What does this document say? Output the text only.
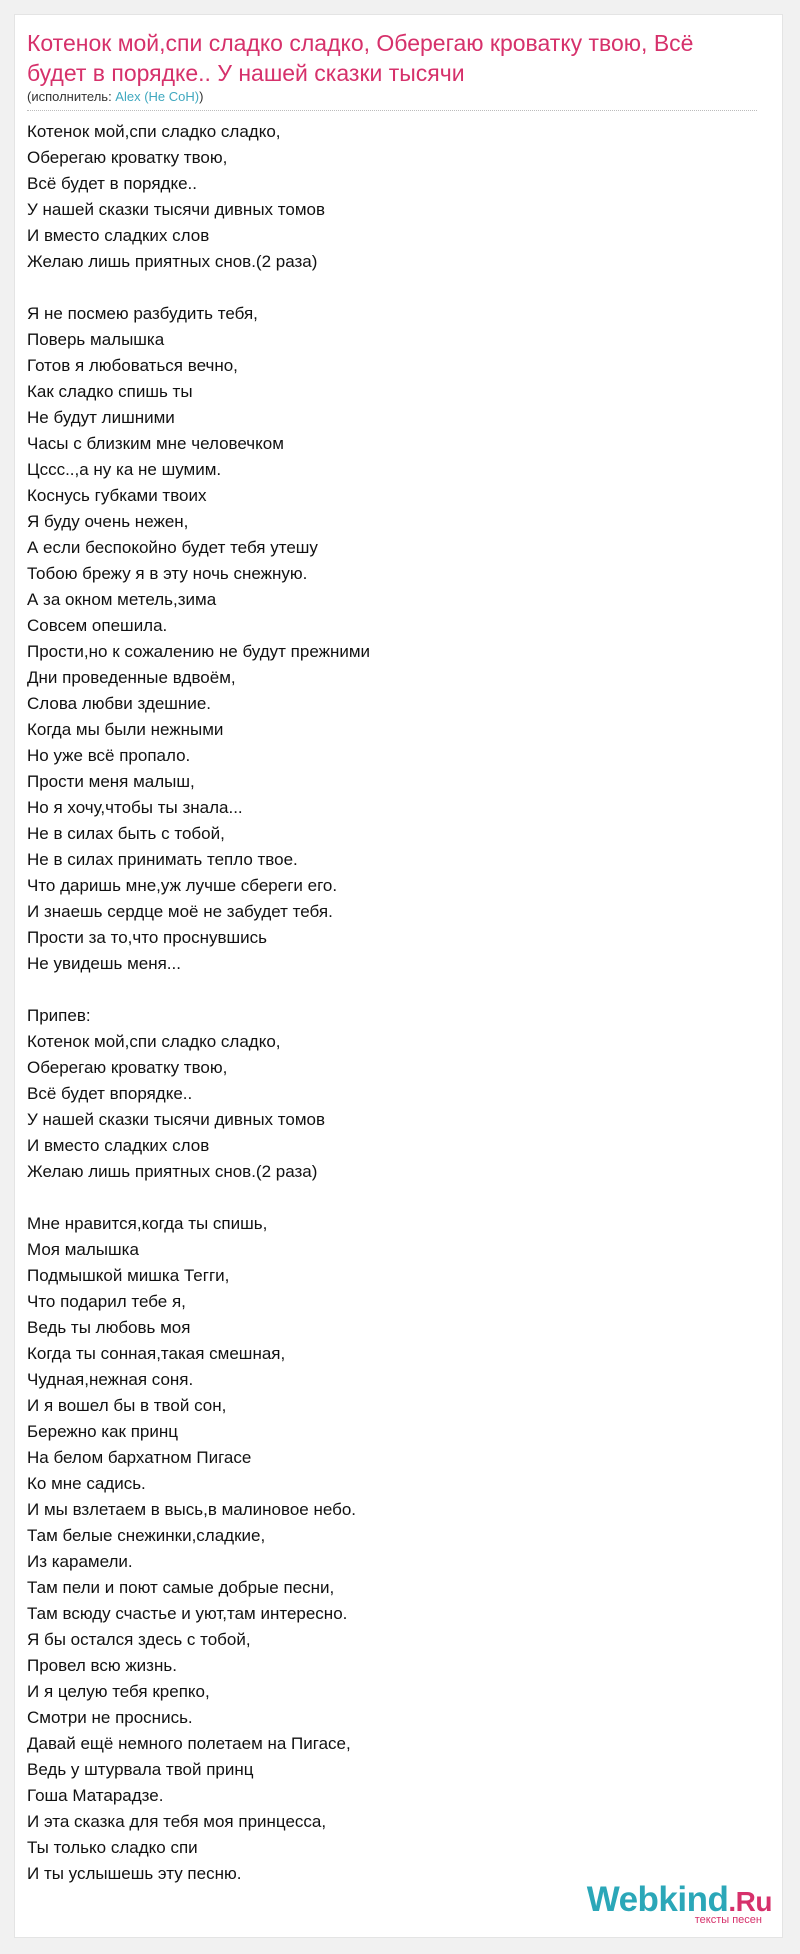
Котенок мой,спи сладко сладко, Оберегаю кроватку твою, Всё будет в порядке.. У нашей сказки тысячи
(исполнитель: Alex (Не СоН))
Котенок мой,спи сладко сладко,
Оберегаю кроватку твою,
Всё будет в порядке..
У нашей сказки тысячи дивных томов
И вместо сладких слов
Желаю лишь приятных снов.(2 раза)
Я не посмею разбудить тебя,
Поверь малышка
Готов я любоваться вечно,
Как сладко спишь ты
Не будут лишними
Часы с близким мне человечком
Цссс..,а ну ка не шумим.
Коснусь губками твоих
Я буду очень нежен,
А если беспокойно будет тебя утешу
Тобою брежу я в эту ночь снежную.
А за окном метель,зима
Совсем опешила.
Прости,но к сожалению не будут прежними
Дни проведенные вдвоём,
Слова любви здешние.
Когда мы были нежными
Но уже всё пропало.
Прости меня малыш,
Но я хочу,чтобы ты знала...
Не в силах быть с тобой,
Не в силах принимать тепло твое.
Что даришь мне,уж лучше сбереги его.
И знаешь сердце моё не забудет тебя.
Прости за то,что проснувшись
Не увидешь меня...
Припев:
Котенок мой,спи сладко сладко,
Оберегаю кроватку твою,
Всё будет впорядке..
У нашей сказки тысячи дивных томов
И вместо сладких слов
Желаю лишь приятных снов.(2 раза)
Мне нравится,когда ты спишь,
Моя малышка
Подмышкой мишка Тегги,
Что подарил тебе я,
Ведь ты любовь моя
Когда ты сонная,такая смешная,
Чудная,нежная соня.
И я вошел бы в твой сон,
Бережно как принц
На белом бархатном Пигасе
Ко мне садись.
И мы взлетаем в высь,в малиновое небо.
Там белые снежинки,сладкие,
Из карамели.
Там пели и поют самые добрые песни,
Там всюду счастье и уют,там интересно.
Я бы остался здесь с тобой,
Провел всю жизнь.
И я целую тебя крепко,
Смотри не проснись.
Давай ещё немного полетаем на Пигасе,
Ведь у штурвала твой принц
Гоша Матарадзе.
И эта сказка для тебя моя принцесса,
Ты только сладко спи
И ты услышешь эту песню.
Webkind.Ru
тексты песен
